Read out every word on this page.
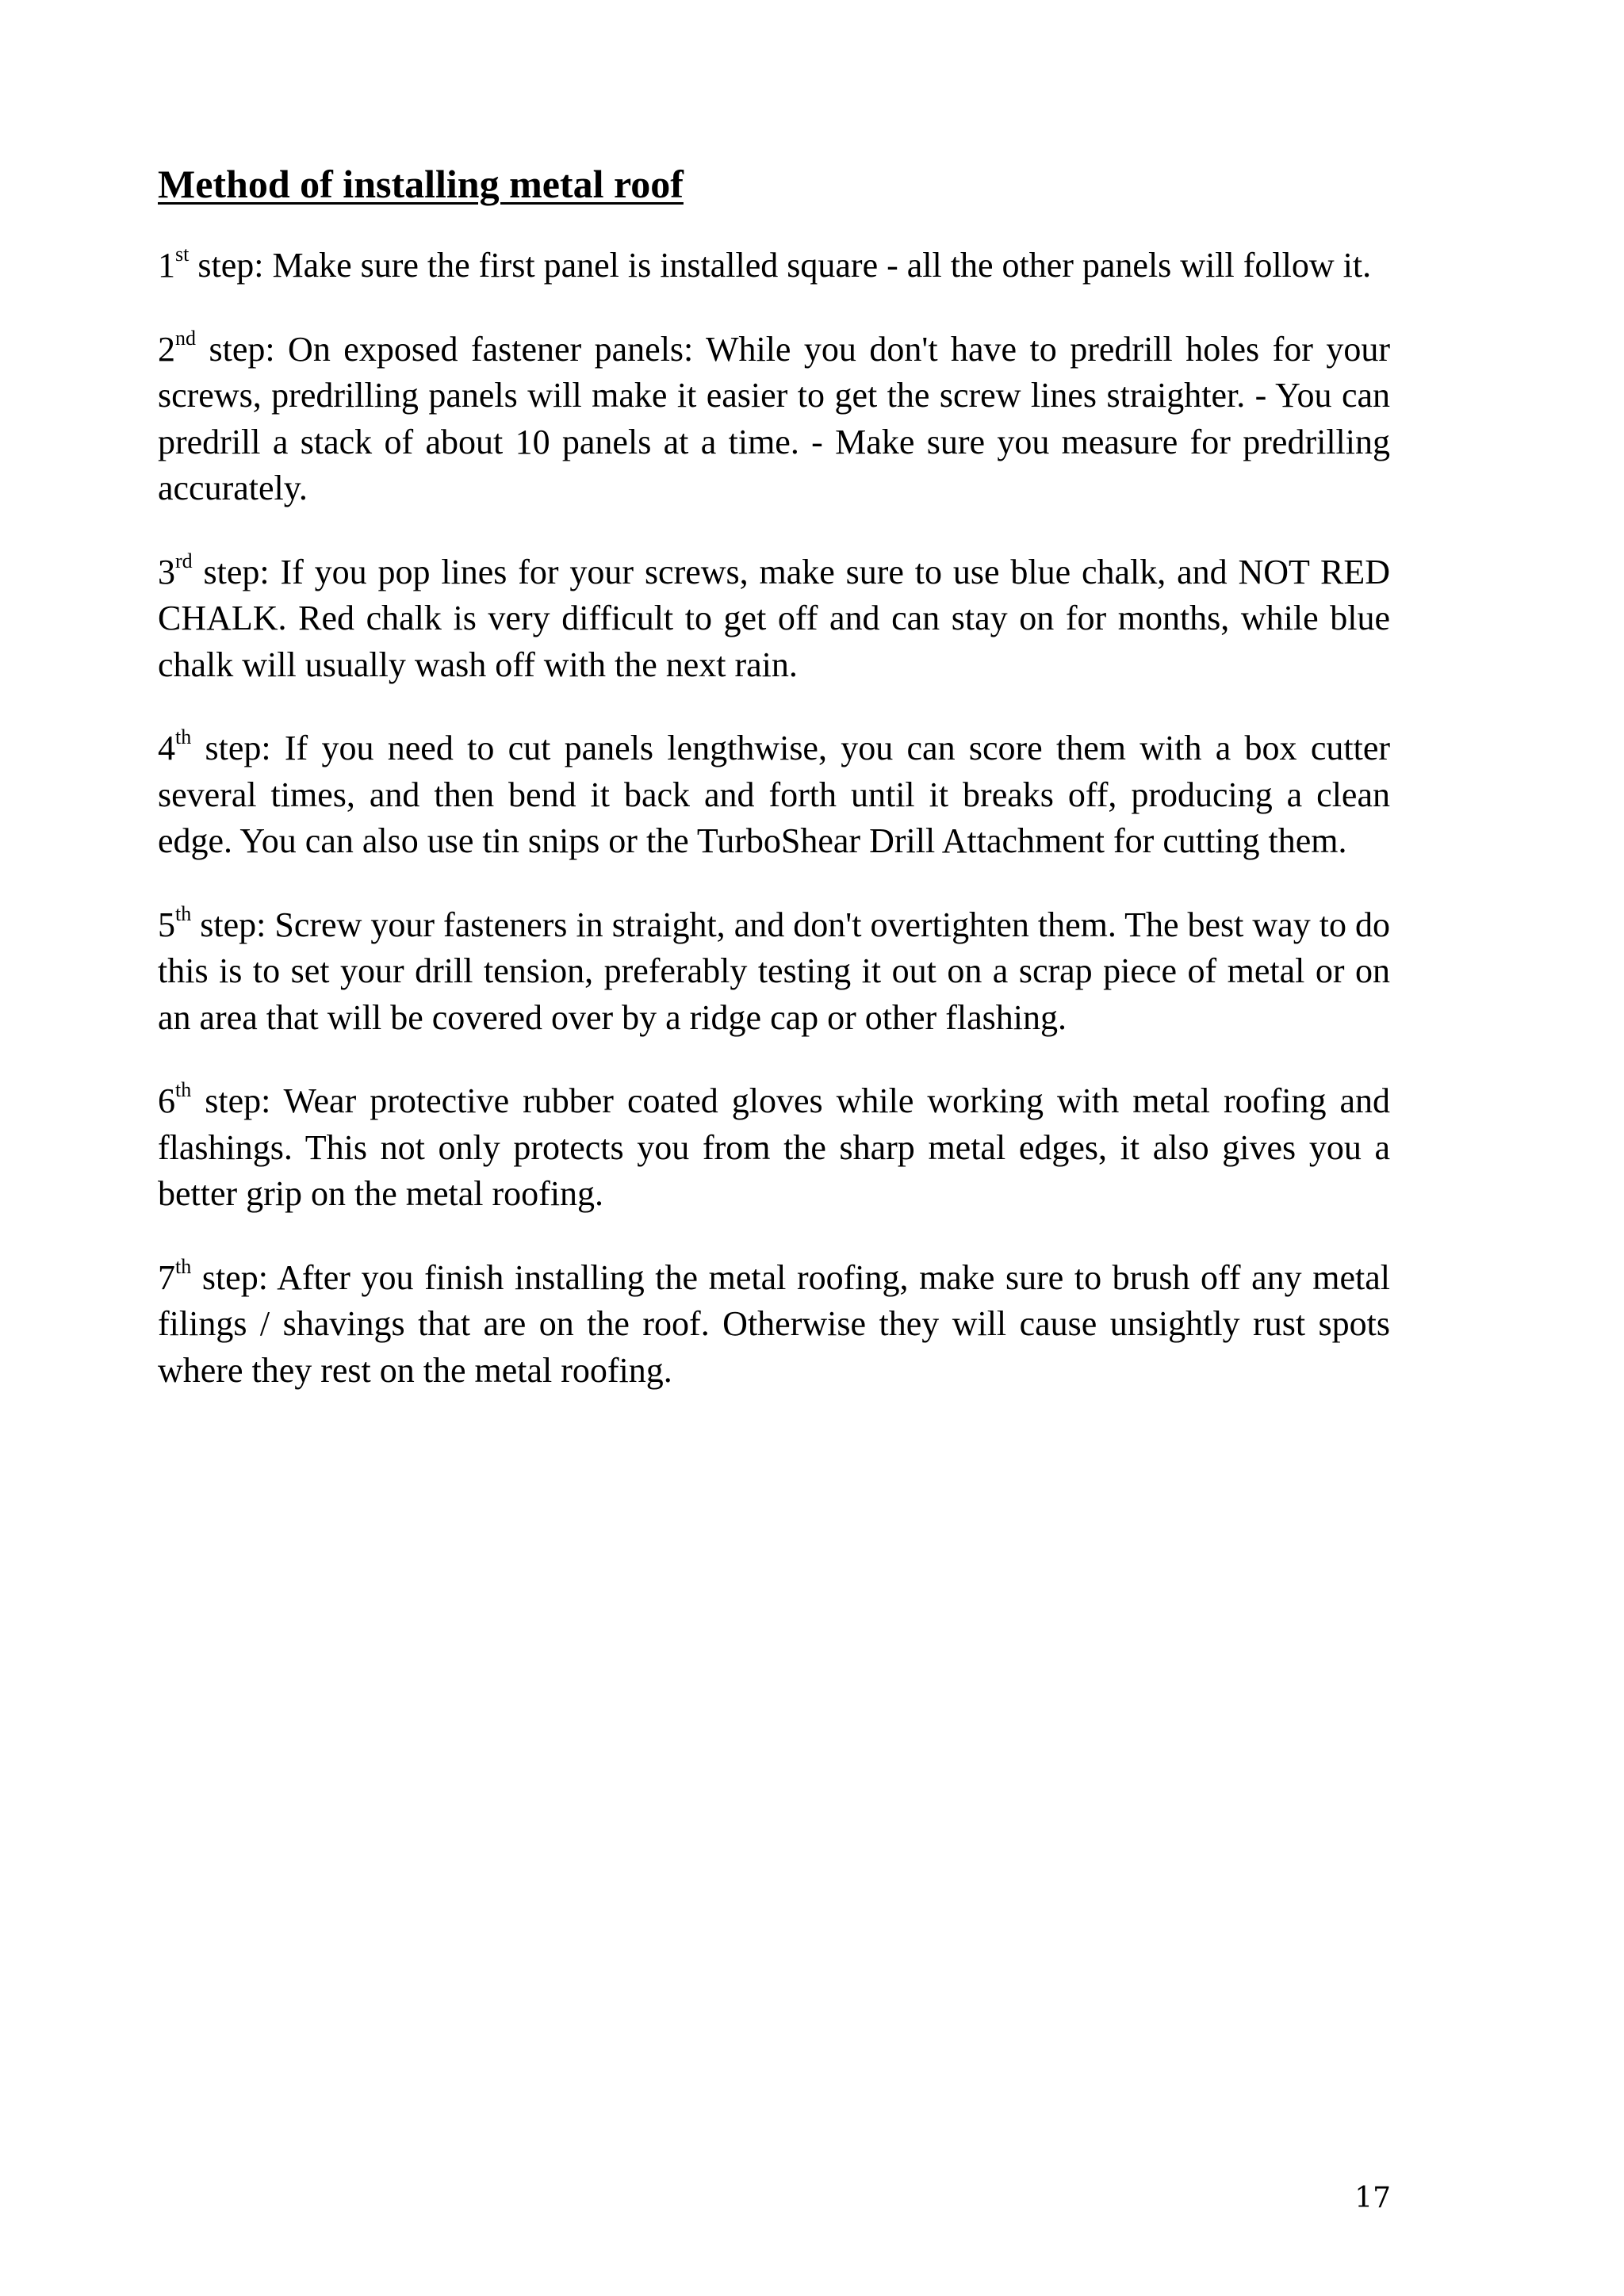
Method of installing metal roof

1st step: Make sure the first panel is installed square - all the other panels will follow it.

2nd step: On exposed fastener panels: While you don't have to predrill holes for your screws, predrilling panels will make it easier to get the screw lines straighter. - You can predrill a stack of about 10 panels at a time. - Make sure you measure for predrilling accurately.

3rd step: If you pop lines for your screws, make sure to use blue chalk, and NOT RED CHALK. Red chalk is very difficult to get off and can stay on for months, while blue chalk will usually wash off with the next rain.

4th step: If you need to cut panels lengthwise, you can score them with a box cutter several times, and then bend it back and forth until it breaks off, producing a clean edge. You can also use tin snips or the TurboShear Drill Attachment for cutting them.

5th step: Screw your fasteners in straight, and don't overtighten them. The best way to do this is to set your drill tension, preferably testing it out on a scrap piece of metal or on an area that will be covered over by a ridge cap or other flashing.

6th step: Wear protective rubber coated gloves while working with metal roofing and flashings. This not only protects you from the sharp metal edges, it also gives you a better grip on the metal roofing.

7th step: After you finish installing the metal roofing, make sure to brush off any metal filings / shavings that are on the roof. Otherwise they will cause unsightly rust spots where they rest on the metal roofing.

17
